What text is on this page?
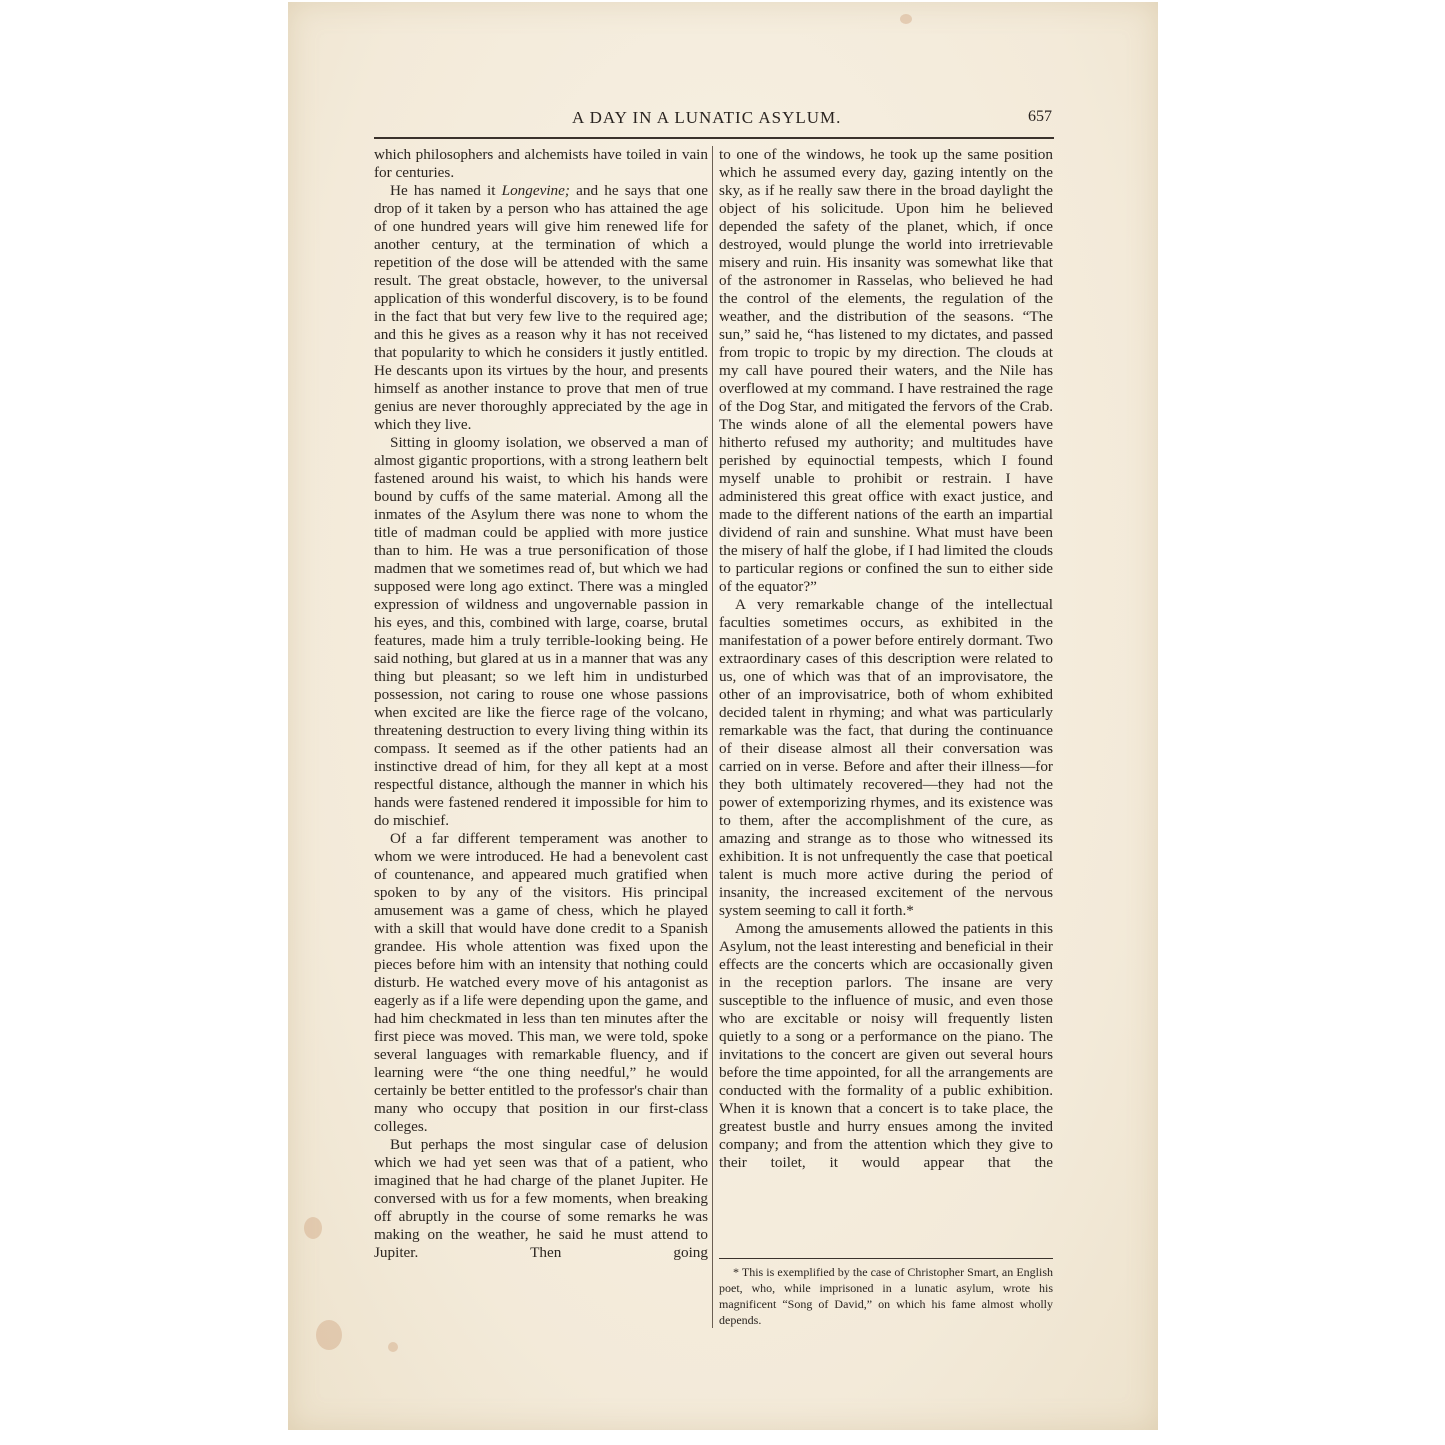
A DAY IN A LUNATIC ASYLUM.	657

which philosophers and alchemists have toiled in vain for centuries.

He has named it Longevine; and he says that one drop of it taken by a person who has attained the age of one hundred years will give him renewed life for another century, at the termination of which a repetition of the dose will be attended with the same result. The great obstacle, however, to the universal application of this wonderful discovery, is to be found in the fact that but very few live to the required age; and this he gives as a reason why it has not received that popularity to which he considers it justly entitled. He descants upon its virtues by the hour, and presents himself as another instance to prove that men of true genius are never thoroughly appreciated by the age in which they live.

Sitting in gloomy isolation, we observed a man of almost gigantic proportions, with a strong leathern belt fastened around his waist, to which his hands were bound by cuffs of the same material. Among all the inmates of the Asylum there was none to whom the title of madman could be applied with more justice than to him. He was a true personification of those madmen that we sometimes read of, but which we had supposed were long ago extinct. There was a mingled expression of wildness and ungovernable passion in his eyes, and this, combined with large, coarse, brutal features, made him a truly terrible-looking being. He said nothing, but glared at us in a manner that was any thing but pleasant; so we left him in undisturbed possession, not caring to rouse one whose passions when excited are like the fierce rage of the volcano, threatening destruction to every living thing within its compass. It seemed as if the other patients had an instinctive dread of him, for they all kept at a most respectful distance, although the manner in which his hands were fastened rendered it impossible for him to do mischief.

Of a far different temperament was another to whom we were introduced. He had a benevolent cast of countenance, and appeared much gratified when spoken to by any of the visitors. His principal amusement was a game of chess, which he played with a skill that would have done credit to a Spanish grandee. His whole attention was fixed upon the pieces before him with an intensity that nothing could disturb. He watched every move of his antagonist as eagerly as if a life were depending upon the game, and had him checkmated in less than ten minutes after the first piece was moved. This man, we were told, spoke several languages with remarkable fluency, and if learning were “the one thing needful,” he would certainly be better entitled to the professor's chair than many who occupy that position in our first-class colleges.

But perhaps the most singular case of delusion which we had yet seen was that of a patient, who imagined that he had charge of the planet Jupiter. He conversed with us for a few moments, when breaking off abruptly in the course of some remarks he was making on the weather, he said he must attend to Jupiter. Then going

to one of the windows, he took up the same position which he assumed every day, gazing intently on the sky, as if he really saw there in the broad daylight the object of his solicitude. Upon him he believed depended the safety of the planet, which, if once destroyed, would plunge the world into irretrievable misery and ruin. His insanity was somewhat like that of the astronomer in Rasselas, who believed he had the control of the elements, the regulation of the weather, and the distribution of the seasons. “The sun,” said he, “has listened to my dictates, and passed from tropic to tropic by my direction. The clouds at my call have poured their waters, and the Nile has overflowed at my command. I have restrained the rage of the Dog Star, and mitigated the fervors of the Crab. The winds alone of all the elemental powers have hitherto refused my authority; and multitudes have perished by equinoctial tempests, which I found myself unable to prohibit or restrain. I have administered this great office with exact justice, and made to the different nations of the earth an impartial dividend of rain and sunshine. What must have been the misery of half the globe, if I had limited the clouds to particular regions or confined the sun to either side of the equator?”

A very remarkable change of the intellectual faculties sometimes occurs, as exhibited in the manifestation of a power before entirely dormant. Two extraordinary cases of this description were related to us, one of which was that of an improvisatore, the other of an improvisatrice, both of whom exhibited decided talent in rhyming; and what was particularly remarkable was the fact, that during the continuance of their disease almost all their conversation was carried on in verse. Before and after their illness—for they both ultimately recovered—they had not the power of extemporizing rhymes, and its existence was to them, after the accomplishment of the cure, as amazing and strange as to those who witnessed its exhibition. It is not unfrequently the case that poetical talent is much more active during the period of insanity, the increased excitement of the nervous system seeming to call it forth.*

Among the amusements allowed the patients in this Asylum, not the least interesting and beneficial in their effects are the concerts which are occasionally given in the reception parlors. The insane are very susceptible to the influence of music, and even those who are excitable or noisy will frequently listen quietly to a song or a performance on the piano. The invitations to the concert are given out several hours before the time appointed, for all the arrangements are conducted with the formality of a public exhibition. When it is known that a concert is to take place, the greatest bustle and hurry ensues among the invited company; and from the attention which they give to their toilet, it would appear that the

* This is exemplified by the case of Christopher Smart, an English poet, who, while imprisoned in a lunatic asylum, wrote his magnificent “Song of David,” on which his fame almost wholly depends.
